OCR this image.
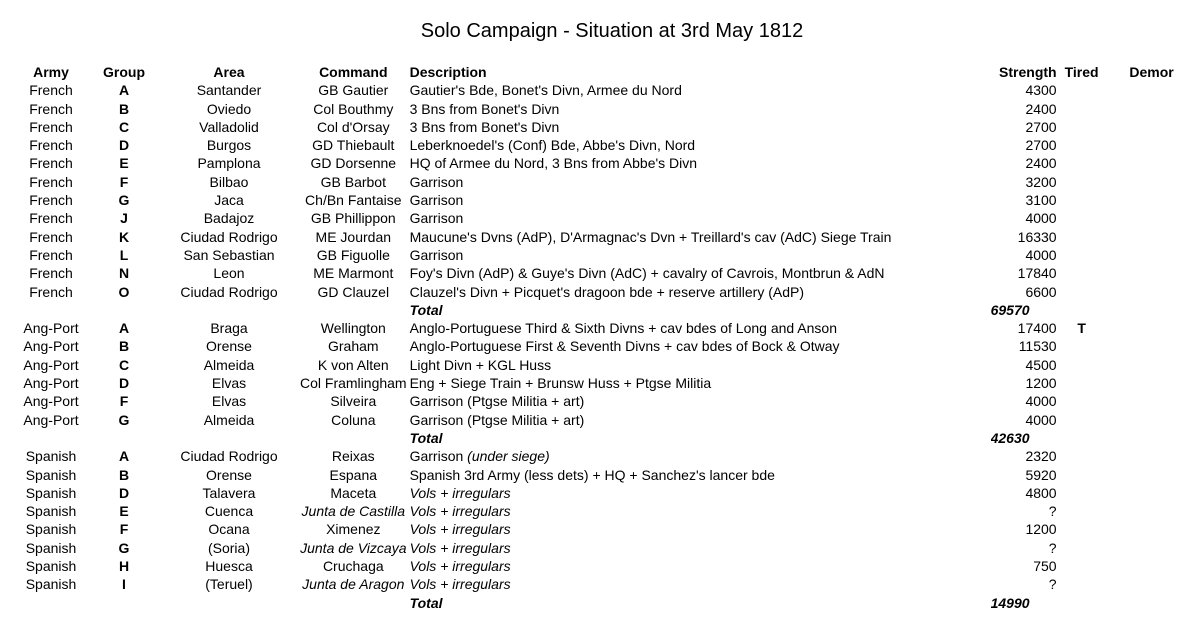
Solo Campaign - Situation at 3rd May 1812
Army	Group	Area	Command	Description	Strength	Tired	Demor
French	A	Santander	GB Gautier	Gautier's Bde, Bonet's Divn, Armee du Nord	4300		
French	B	Oviedo	Col Bouthmy	3 Bns from Bonet's Divn	2400		
French	C	Valladolid	Col d'Orsay	3 Bns from Bonet's Divn	2700		
French	D	Burgos	GD Thiebault	Leberknoedel's (Conf) Bde, Abbe's Divn, Nord	2700		
French	E	Pamplona	GD Dorsenne	HQ of Armee du Nord, 3 Bns from Abbe's Divn	2400		
French	F	Bilbao	GB Barbot	Garrison	3200		
French	G	Jaca	Ch/Bn Fantaise	Garrison	3100		
French	J	Badajoz	GB Phillippon	Garrison	4000		
French	K	Ciudad Rodrigo	ME Jourdan	Maucune's Dvns (AdP), D'Armagnac's Dvn + Treillard's cav (AdC) Siege Train	16330		
French	L	San Sebastian	GB Figuolle	Garrison	4000		
French	N	Leon	ME Marmont	Foy's Divn (AdP) & Guye's Divn (AdC) + cavalry of Cavrois, Montbrun & AdN	17840		
French	O	Ciudad Rodrigo	GD Clauzel	Clauzel's Divn + Picquet's dragoon bde + reserve artillery (AdP)	6600		
				Total	69570		
Ang-Port	A	Braga	Wellington	Anglo-Portuguese Third & Sixth Divns + cav bdes of Long and Anson	17400	T	
Ang-Port	B	Orense	Graham	Anglo-Portuguese First & Seventh Divns + cav bdes of Bock & Otway	11530		
Ang-Port	C	Almeida	K von Alten	Light Divn + KGL Huss	4500		
Ang-Port	D	Elvas	Col Framlingham	Eng + Siege Train + Brunsw Huss + Ptgse Militia	1200		
Ang-Port	F	Elvas	Silveira	Garrison (Ptgse Militia + art)	4000		
Ang-Port	G	Almeida	Coluna	Garrison (Ptgse Militia + art)	4000		
				Total	42630		
Spanish	A	Ciudad Rodrigo	Reixas	Garrison (under siege)	2320		
Spanish	B	Orense	Espana	Spanish 3rd Army (less dets) + HQ + Sanchez's lancer bde	5920		
Spanish	D	Talavera	Maceta	Vols + irregulars	4800		
Spanish	E	Cuenca	Junta de Castilla	Vols + irregulars	?		
Spanish	F	Ocana	Ximenez	Vols + irregulars	1200		
Spanish	G	(Soria)	Junta de Vizcaya	Vols + irregulars	?		
Spanish	H	Huesca	Cruchaga	Vols + irregulars	750		
Spanish	I	(Teruel)	Junta de Aragon	Vols + irregulars	?		
				Total	14990		
